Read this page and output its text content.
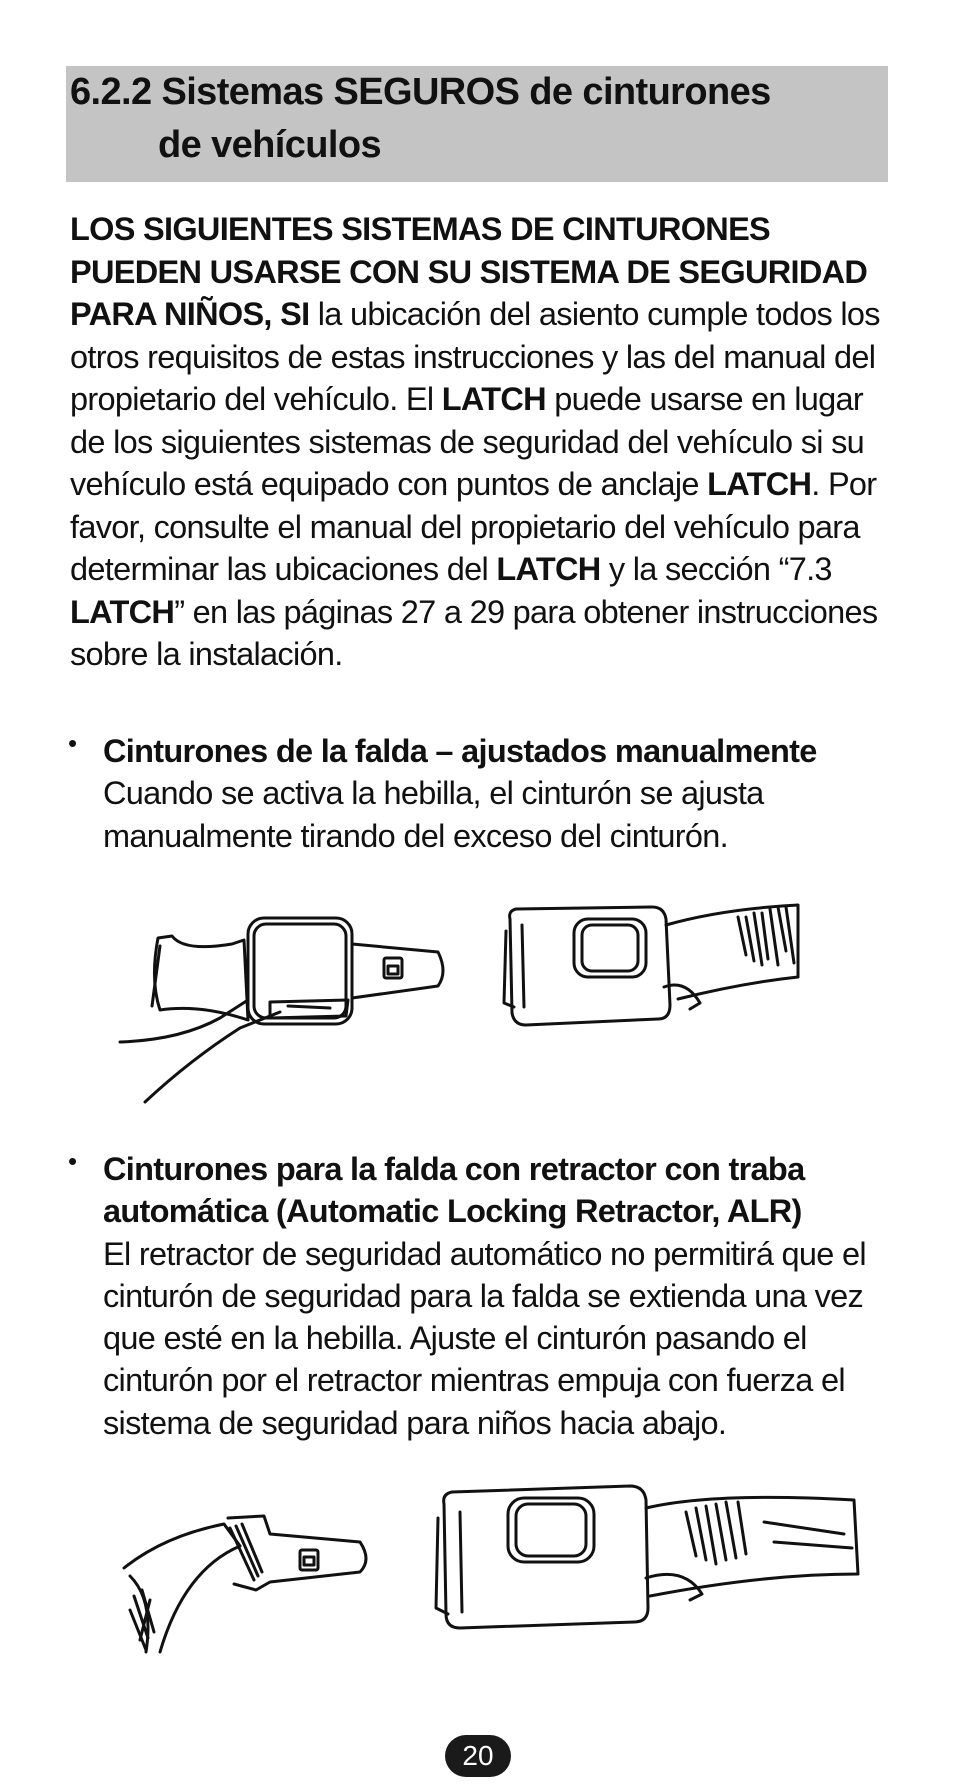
6.2.2 Sistemas SEGUROS de cinturones
de vehículos
LOS SIGUIENTES SISTEMAS DE CINTURONES PUEDEN USARSE CON SU SISTEMA DE SEGURIDAD PARA NIÑOS, SI la ubicación del asiento cumple todos los otros requisitos de estas instrucciones y las del manual del propietario del vehículo. El LATCH puede usarse en lugar de los siguientes sistemas de seguridad del vehículo si su vehículo está equipado con puntos de anclaje LATCH. Por favor, consulte el manual del propietario del vehículo para determinar las ubicaciones del LATCH y la sección “7.3 LATCH” en las páginas 27 a 29 para obtener instrucciones sobre la instalación.
• Cinturones de la falda – ajustados manualmente
Cuando se activa la hebilla, el cinturón se ajusta manualmente tirando del exceso del cinturón.
• Cinturones para la falda con retractor con traba automática (Automatic Locking Retractor, ALR)
El retractor de seguridad automático no permitirá que el cinturón de seguridad para la falda se extienda una vez que esté en la hebilla. Ajuste el cinturón pasando el cinturón por el retractor mientras empuja con fuerza el sistema de seguridad para niños hacia abajo.
20
